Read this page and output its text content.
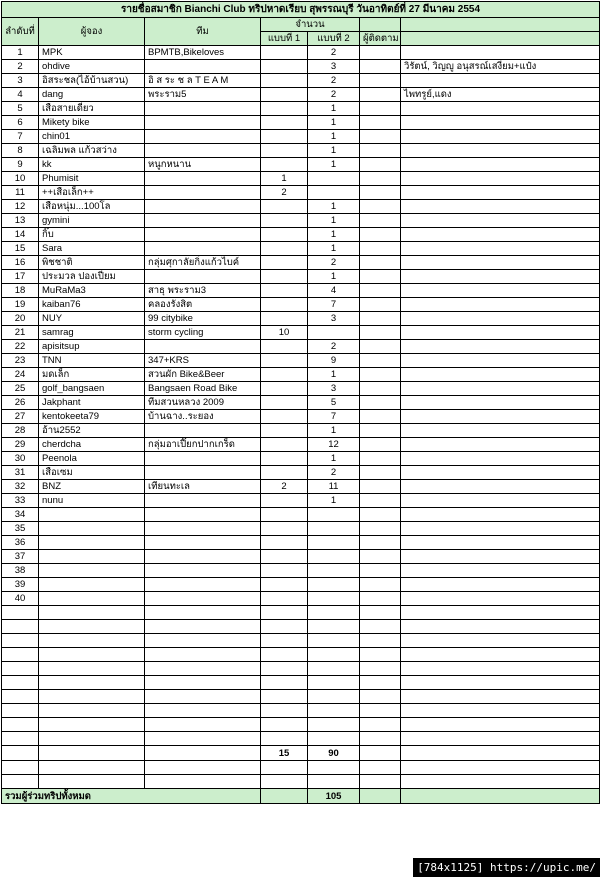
รายชื่อสมาชิก Bianchi Club ทริปหาดเรียบ สุพรรณบุรี วันอาทิตย์ที่ 27 มีนาคม 2554						
ลำดับที่	ผู้จอง	ทีม	จำนวน			
			แบบที่ 1	แบบที่ 2	ผู้ติดตาม	
1	MPK	BPMTB,Bikeloves		2		
2	ohdive			3		วิรัตน์, วิญญู อนุสรณ์เสงี่ยม+แป๋ง
3	อิสระชล(ไอ้บ้านสวน)	อิ ส ระ ช ล T E A M		2		
4	dang	พระราม5		2		ไพทรูย์,แดง
5	เสือสายเดี่ยว			1		
6	Mikety bike			1		
7	chin01			1		
8	เฉลิมพล แก้วสว่าง			1		
9	kk	หนูกหนาน		1		
10	Phumisit		1			
11	++เสือเล็ก++		2			
12	เสือหนุ่ม...100โล			1		
13	gymini			1		
14	กิ๊บ			1		
15	Sara			1		
16	พิชชาติ	กลุ่มศุกาลัยกิ่งแก้วไบค์		2		
17	ประมวล ปองเปี่ยม			1		
18	MuRaMa3	สาธุ พระราม3		4		
19	kaiban76	คลองรังสิต		7		
20	NUY	99 citybike		3		
21	samrag	storm cycling	10			
22	apisitsup			2		
23	TNN	347+KRS		9		
24	มดเล็ก	สวนผัก Bike&Beer		1		
25	golf_bangsaen	Bangsaen Road Bike		3		
26	Jakphant	ทีมสวนหลวง 2009		5		
27	kentokeeta79	บ้านฉาง..ระยอง		7		
28	อ้าน2552			1		
29	cherdcha	กลุ่มอาเปี๊ยกปากเกร็ด		12		
30	Peenola			1		
31	เสือเซม			2		
32	BNZ	เทียนทะเล	2	11		
33	nunu			1		
34						
35						
36						
37						
38						
39						
40						

			15	90		

รวมผู้ร่วมทริปทั้งหมด				105		
[784x1125] https://upic.me/
